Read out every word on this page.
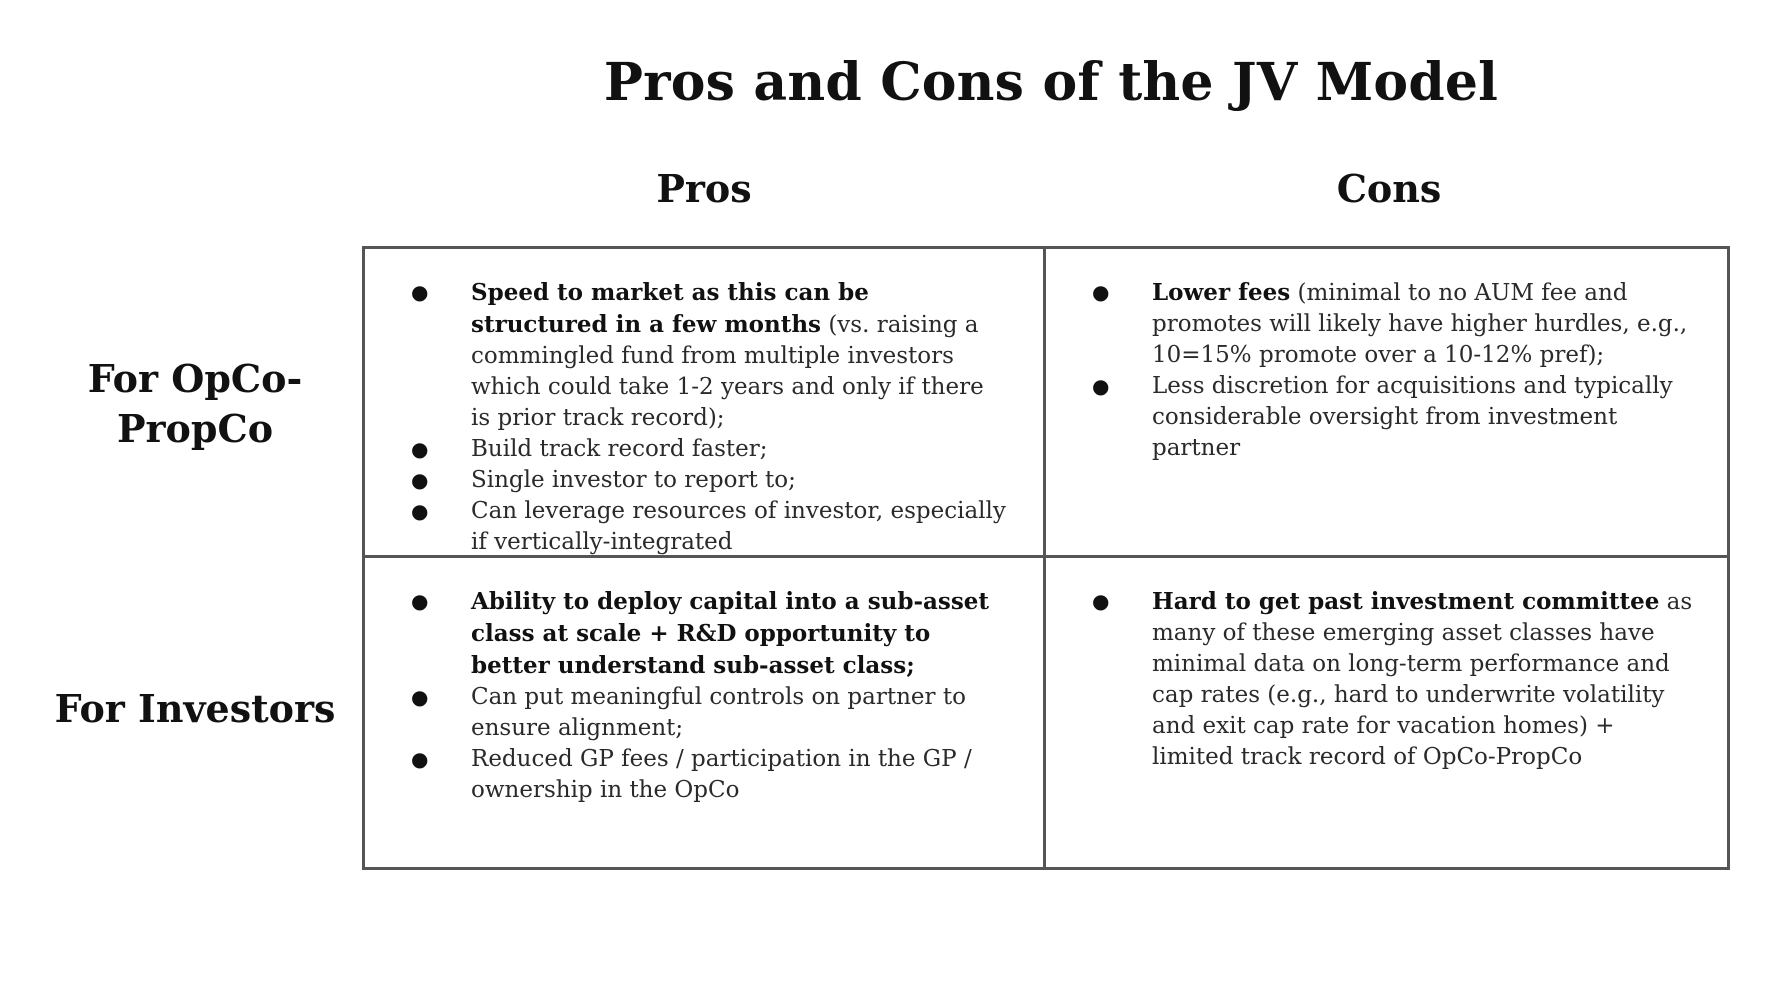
Pros and Cons of the JV Model
Pros	Cons
For OpCo-
PropCo
For Investors
● Speed to market as this can be structured in a few months (vs. raising a commingled fund from multiple investors which could take 1-2 years and only if there is prior track record);
● Build track record faster;
● Single investor to report to;
● Can leverage resources of investor, especially if vertically-integrated
● Lower fees (minimal to no AUM fee and promotes will likely have higher hurdles, e.g., 10=15% promote over a 10-12% pref);
● Less discretion for acquisitions and typically considerable oversight from investment partner
● Ability to deploy capital into a sub-asset class at scale + R&D opportunity to better understand sub-asset class;
● Can put meaningful controls on partner to ensure alignment;
● Reduced GP fees / participation in the GP / ownership in the OpCo
● Hard to get past investment committee as many of these emerging asset classes have minimal data on long-term performance and cap rates (e.g., hard to underwrite volatility and exit cap rate for vacation homes) + limited track record of OpCo-PropCo
